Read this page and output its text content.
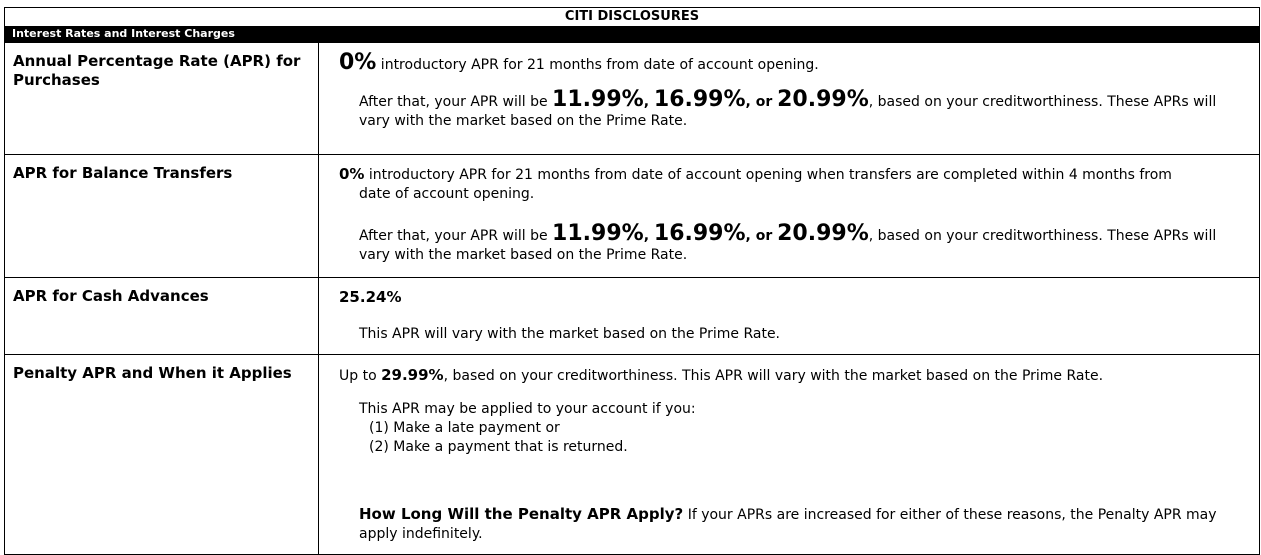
CITI DISCLOSURES
Interest Rates and Interest Charges
Annual Percentage Rate (APR) for Purchases	0% introductory APR for 21 months from date of account opening.

After that, your APR will be 11.99%, 16.99%, or 20.99%, based on your creditworthiness. These APRs will vary with the market based on the Prime Rate.

APR for Balance Transfers	0% introductory APR for 21 months from date of account opening when transfers are completed within 4 months from

date of account opening.

After that, your APR will be 11.99%, 16.99%, or 20.99%, based on your creditworthiness. These APRs will vary with the market based on the Prime Rate.

APR for Cash Advances	25.24%

This APR will vary with the market based on the Prime Rate.

Penalty APR and When it Applies	Up to 29.99%, based on your creditworthiness. This APR will vary with the market based on the Prime Rate.

This APR may be applied to your account if you:

(1) Make a late payment or

(2) Make a payment that is returned.

How Long Will the Penalty APR Apply? If your APRs are increased for either of these reasons, the Penalty APR may apply indefinitely.
